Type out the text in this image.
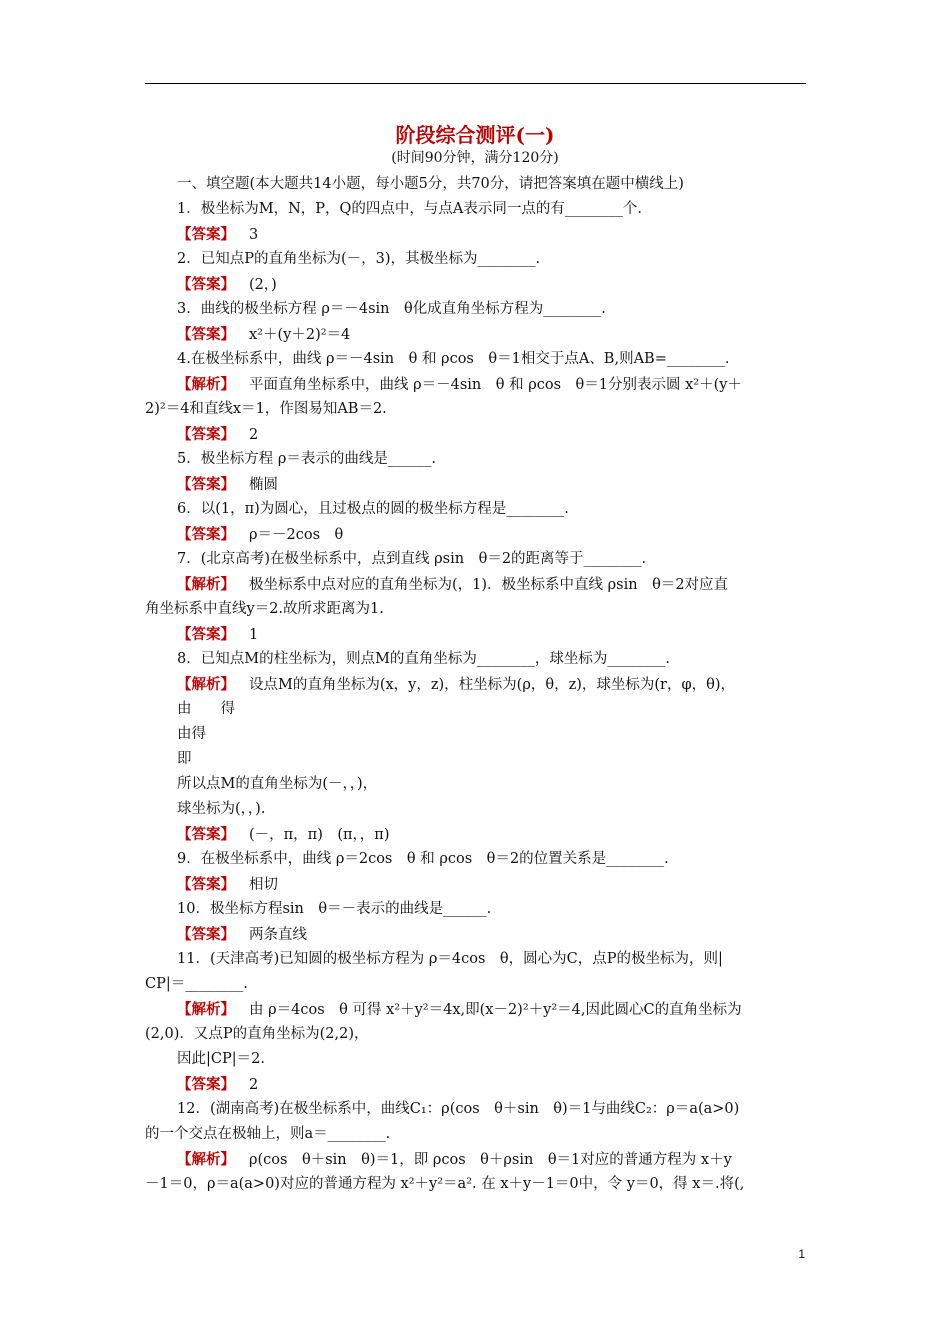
阶段综合测评(一)
(时间90分钟，满分120分)
一、填空题(本大题共14小题，每小题5分，共70分，请把答案填在题中横线上)
1．极坐标为M，N，P，Q的四点中，与点A表示同一点的有________个.
【答案】 3
2．已知点P的直角坐标为(－，3)，其极坐标为________.
【答案】 (2，)
3．曲线的极坐标方程 ρ＝－4sin　θ化成直角坐标方程为________.
【答案】 x²＋(y＋2)²＝4
4.在极坐标系中，曲线 ρ＝－4sin　θ 和 ρcos　θ＝1相交于点A、B,则AB=________.
【解析】 平面直角坐标系中，曲线 ρ＝－4sin　θ 和 ρcos　θ＝1分别表示圆 x²＋(y＋
2)²＝4和直线x＝1，作图易知AB＝2.
【答案】 2
5．极坐标方程 ρ＝表示的曲线是______.
【答案】 椭圆
6．以(1，π)为圆心，且过极点的圆的极坐标方程是________.
【答案】 ρ＝－2cos　θ
7．(北京高考)在极坐标系中，点到直线 ρsin　θ＝2的距离等于________.
【解析】 极坐标系中点对应的直角坐标为(，1)．极坐标系中直线 ρsin　θ＝2对应直
角坐标系中直线y＝2.故所求距离为1.
【答案】 1
8．已知点M的柱坐标为，则点M的直角坐标为________，球坐标为________.
【解析】 设点M的直角坐标为(x，y，z)，柱坐标为(ρ，θ，z)，球坐标为(r，φ，θ)，
由　　得
由得
即
所以点M的直角坐标为(－，，)，
球坐标为(，，).
【答案】 (－，π，π)　(π，，π)
9．在极坐标系中，曲线 ρ＝2cos　θ 和 ρcos　θ＝2的位置关系是________.
【答案】 相切
10．极坐标方程sin　θ＝－表示的曲线是______.
【答案】 两条直线
11．(天津高考)已知圆的极坐标方程为 ρ＝4cos　θ，圆心为C，点P的极坐标为，则|
CP|＝________.
【解析】 由 ρ＝4cos　θ 可得 x²＋y²＝4x,即(x－2)²＋y²＝4,因此圆心C的直角坐标为
(2,0)．又点P的直角坐标为(2,2)，
因此|CP|＝2.
【答案】 2
12．(湖南高考)在极坐标系中，曲线C₁：ρ(cos　θ＋sin　θ)＝1与曲线C₂：ρ＝a(a>0)
的一个交点在极轴上，则a＝________.
【解析】 ρ(cos　θ＋sin　θ)＝1，即 ρcos　θ＋ρsin　θ＝1对应的普通方程为 x＋y
－1＝0，ρ＝a(a>0)对应的普通方程为 x²＋y²＝a². 在 x＋y－1＝0中，令 y＝0，得 x＝.将(,
1
